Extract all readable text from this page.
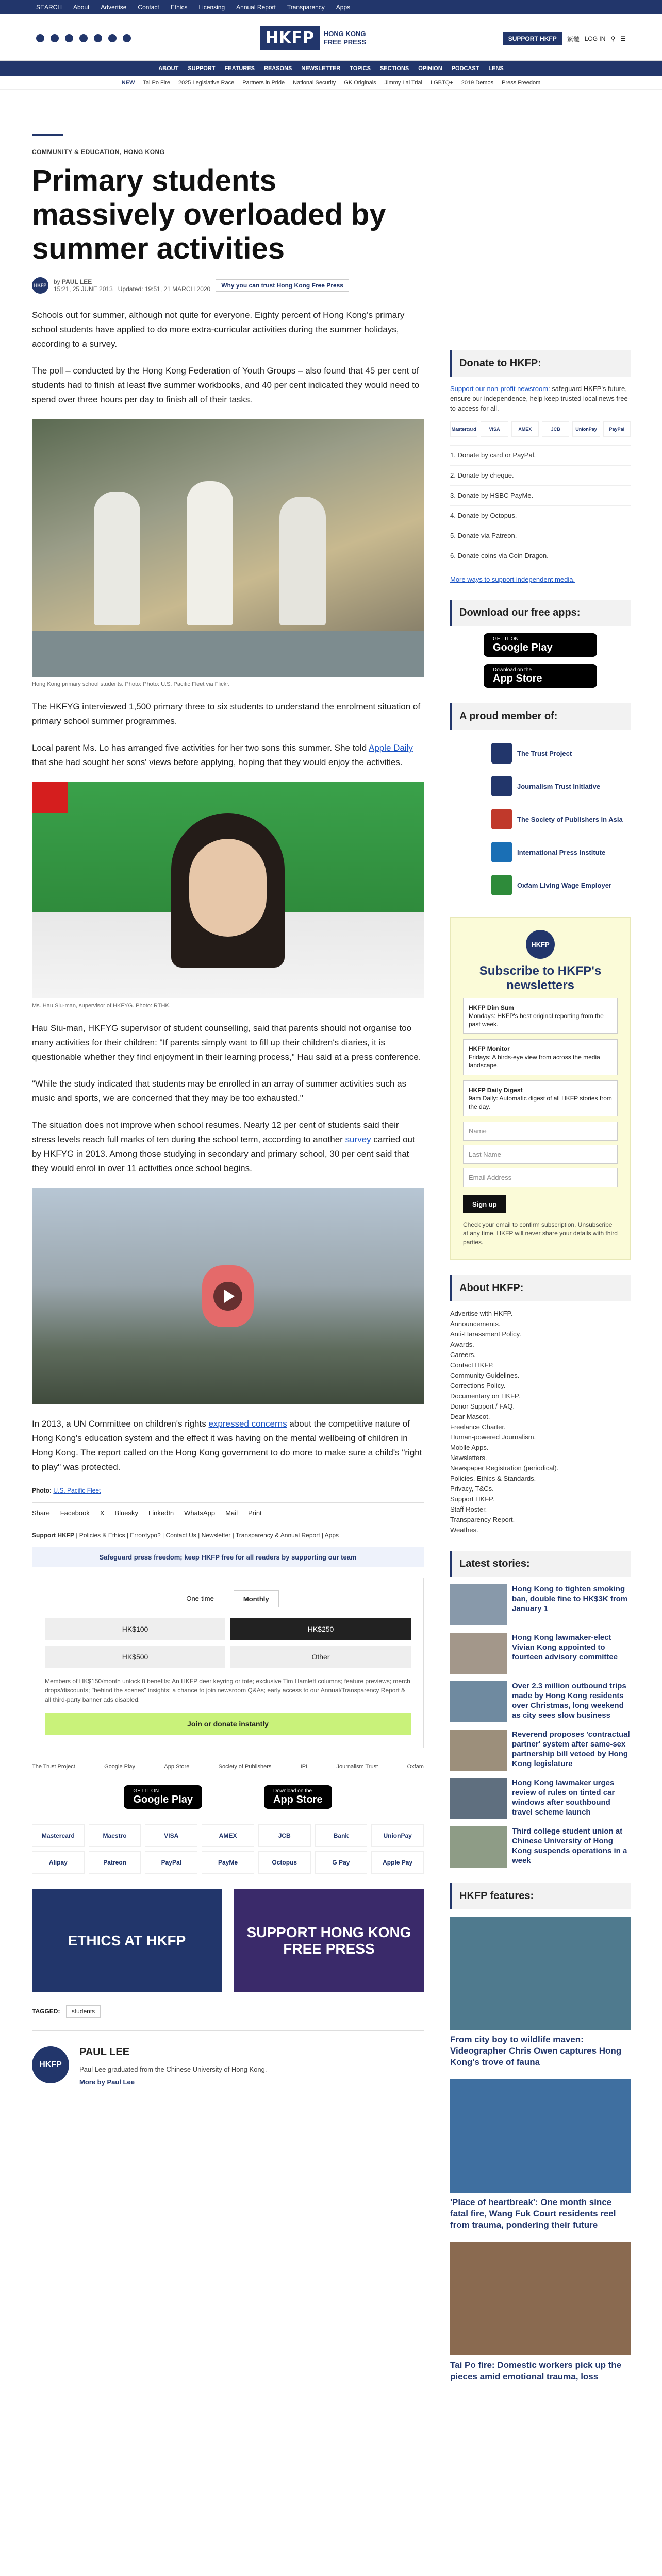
SEARCH About Advertise Contact Ethics Licensing Annual Report Transparency Apps
HKFP	HONG KONG
FREE PRESS	SUPPORT HKFP	繁體 LOG IN ⚲ ☰
ABOUT SUPPORT FEATURES REASONS NEWSLETTER TOPICS SECTIONS OPINION PODCAST LENS
NEW Tai Po Fire 2025 Legislative Race Partners in Pride National Security GK Originals Jimmy Lai Trial LGBTQ+ 2019 Demos Press Freedom
COMMUNITY & EDUCATION, HONG KONG
Primary students massively overloaded by summer activities
HKFP	by PAUL LEE
15:21, 25 JUNE 2013 Updated: 19:51, 21 MARCH 2020	Why you can trust Hong Kong Free Press

Schools out for summer, although not quite for everyone. Eighty percent of Hong Kong's primary school students have applied to do more extra-curricular activities during the summer holidays, according to a survey.

The poll – conducted by the Hong Kong Federation of Youth Groups – also found that 45 per cent of students had to finish at least five summer workbooks, and 40 per cent indicated they would need to spend over three hours per day to finish all of their tasks.

Hong Kong primary school students. Photo: Photo: U.S. Pacific Fleet via Flickr.

The HKFYG interviewed 1,500 primary three to six students to understand the enrolment situation of primary school summer programmes.

Local parent Ms. Lo has arranged five activities for her two sons this summer. She told Apple Daily that she had sought her sons' views before applying, hoping that they would enjoy the activities.

Ms. Hau Siu-man, supervisor of HKFYG. Photo: RTHK.

Hau Siu-man, HKFYG supervisor of student counselling, said that parents should not organise too many activities for their children: "If parents simply want to fill up their children's diaries, it is questionable whether they find enjoyment in their learning process," Hau said at a press conference.

"While the study indicated that students may be enrolled in an array of summer activities such as music and sports, we are concerned that they may be too exhausted."

The situation does not improve when school resumes. Nearly 12 per cent of students said their stress levels reach full marks of ten during the school term, according to another survey carried out by HKFYG in 2013. Among those studying in secondary and primary school, 30 per cent said that they would enrol in over 11 activities once school begins.

In 2013, a UN Committee on children's rights expressed concerns about the competitive nature of Hong Kong's education system and the effect it was having on the mental wellbeing of children in Hong Kong. The report called on the Hong Kong government to do more to make sure a child's "right to play" was protected.

Photo: U.S. Pacific Fleet
Share Facebook X Bluesky LinkedIn WhatsApp Mail Print
Support HKFP | Policies & Ethics | Error/typo? | Contact Us | Newsletter | Transparency & Annual Report | Apps
Safeguard press freedom; keep HKFP free for all readers by supporting our team
One-time	Monthly
HK$100	HK$250
HK$500	Other
Members of HK$150/month unlock 8 benefits: An HKFP deer keyring or tote; exclusive Tim Hamlett columns; feature previews; merch drops/discounts; "behind the scenes" insights; a chance to join newsroom Q&As; early access to our Annual/Transparency Report & all third-party banner ads disabled.
Join or donate instantly
The Trust Project	Google Play	App Store	Society of Publishers	IPI	Journalism Trust	Oxfam
GET IT ON
Google Play
Download on the
App Store
Mastercard	Maestro	VISA	AMEX	JCB	Bank	UnionPay
Alipay	Patreon	PayPal	PayMe	Octopus	G Pay	Apple Pay
ETHICS AT HKFP
SUPPORT HONG KONG FREE PRESS
TAGGED: students
HKFP
PAUL LEE
Paul Lee graduated from the Chinese University of Hong Kong.
More by Paul Lee
Donate to HKFP:
Support our non-profit newsroom: safeguard HKFP's future, ensure our independence, help keep trusted local news free-to-access for all.
Mastercard	VISA	AMEX	JCB	UnionPay	PayPal
1. Donate by card or PayPal.
2. Donate by cheque.
3. Donate by HSBC PayMe.
4. Donate by Octopus.
5. Donate via Patreon.
6. Donate coins via Coin Dragon.
More ways to support independent media.
Download our free apps:
GET IT ON
Google Play
Download on the
App Store
A proud member of:
The Trust Project
Journalism Trust Initiative
The Society of Publishers in Asia
International Press Institute
Oxfam Living Wage Employer
HKFP
Subscribe to HKFP's newsletters
HKFP Dim Sum
Mondays: HKFP's best original reporting from the past week.
HKFP Monitor
Fridays: A birds-eye view from across the media landscape.
HKFP Daily Digest
9am Daily: Automatic digest of all HKFP stories from the day.
Name
Last Name
Email Address
Sign up
Check your email to confirm subscription. Unsubscribe at any time. HKFP will never share your details with third parties.
About HKFP:
Advertise with HKFP.
Announcements.
Anti-Harassment Policy.
Awards.
Careers.
Contact HKFP.
Community Guidelines.
Corrections Policy.
Documentary on HKFP.
Donor Support / FAQ.
Dear Mascot.
Freelance Charter.
Human-powered Journalism.
Mobile Apps.
Newsletters.
Newspaper Registration (periodical).
Policies, Ethics & Standards.
Privacy, T&Cs.
Support HKFP.
Staff Roster.
Transparency Report.
Weathes.
Latest stories:
Hong Kong to tighten smoking ban, double fine to HK$3K from January 1
Hong Kong lawmaker-elect Vivian Kong appointed to fourteen advisory committee
Over 2.3 million outbound trips made by Hong Kong residents over Christmas, long weekend as city sees slow business
Reverend proposes 'contractual partner' system after same-sex partnership bill vetoed by Hong Kong legislature
Hong Kong lawmaker urges review of rules on tinted car windows after southbound travel scheme launch
Third college student union at Chinese University of Hong Kong suspends operations in a week
HKFP features:
From city boy to wildlife maven: Videographer Chris Owen captures Hong Kong's trove of fauna
'Place of heartbreak': One month since fatal fire, Wang Fuk Court residents reel from trauma, pondering their future
Tai Po fire: Domestic workers pick up the pieces amid emotional trauma, loss
